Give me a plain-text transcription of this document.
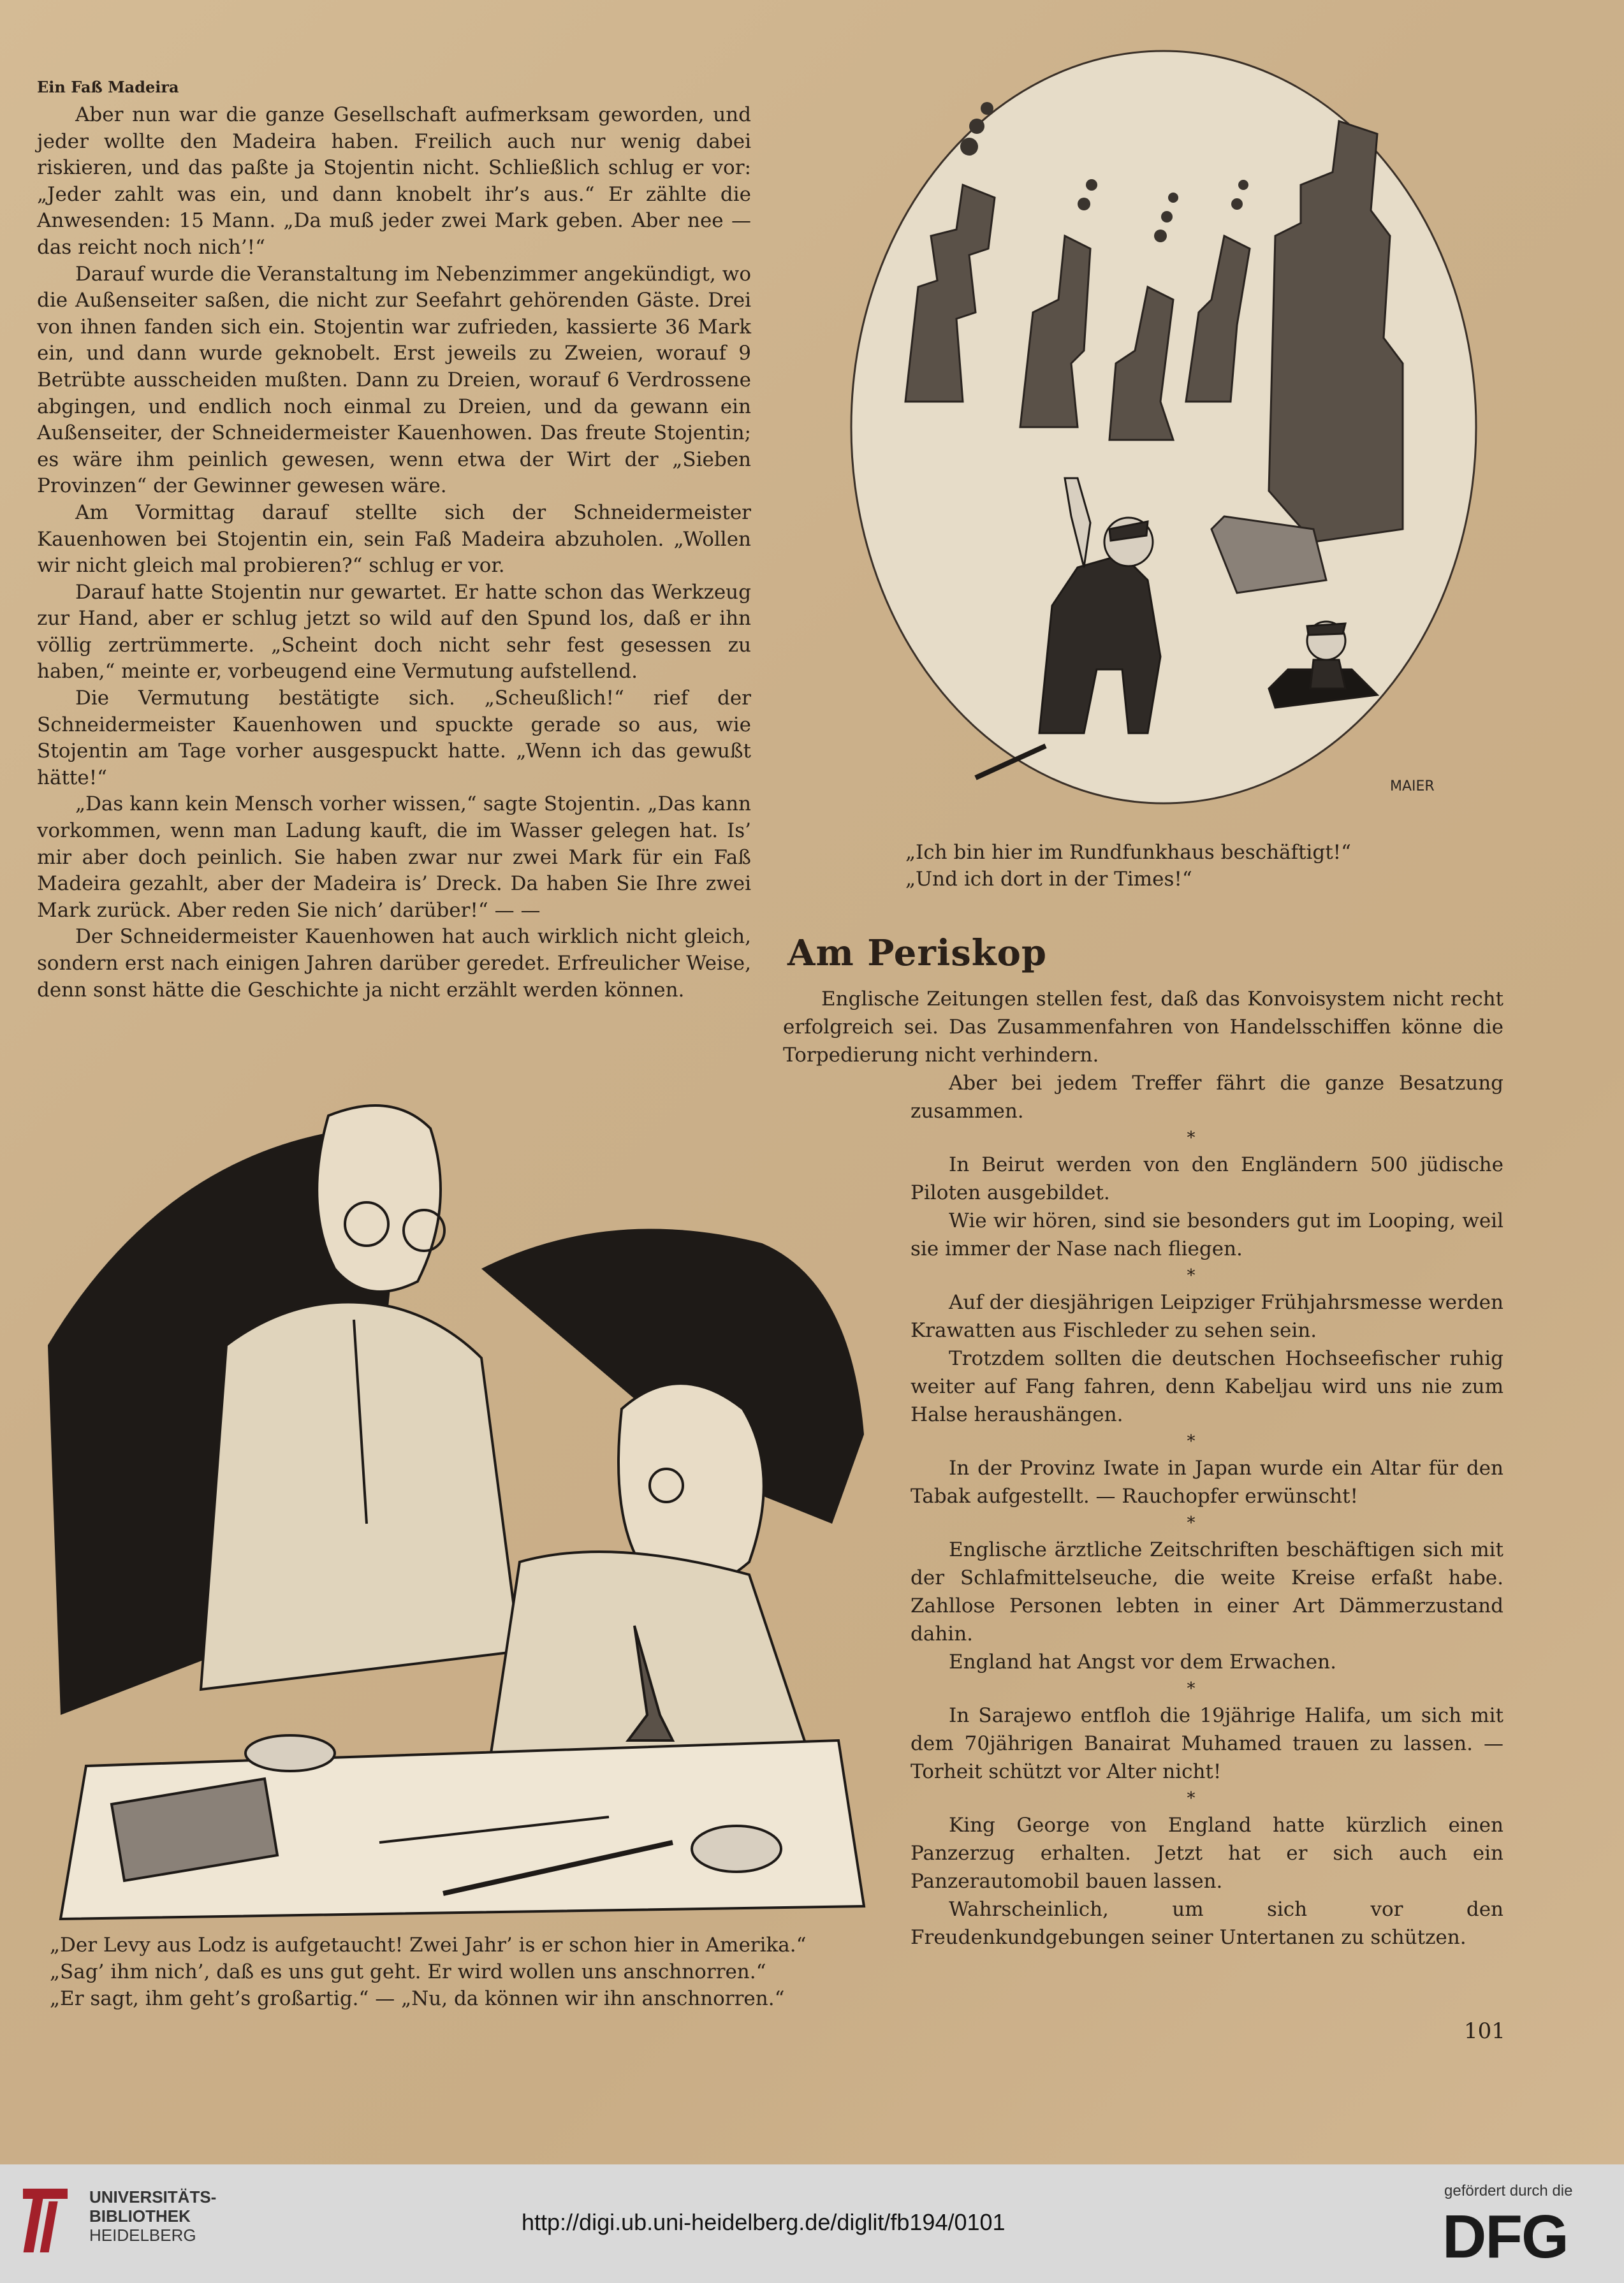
Ein Faß Madeira

Aber nun war die ganze Gesellschaft aufmerksam geworden, und jeder wollte den Madeira haben. Freilich auch nur wenig dabei riskieren, und das paßte ja Stojentin nicht. Schließlich schlug er vor: „Jeder zahlt was ein, und dann knobelt ihr’s aus.“ Er zählte die Anwesenden: 15 Mann. „Da muß jeder zwei Mark geben. Aber nee — das reicht noch nich’!“

Darauf wurde die Veranstaltung im Nebenzimmer angekündigt, wo die Außenseiter saßen, die nicht zur Seefahrt gehörenden Gäste. Drei von ihnen fanden sich ein. Stojentin war zufrieden, kassierte 36 Mark ein, und dann wurde geknobelt. Erst jeweils zu Zweien, worauf 9 Betrübte ausscheiden mußten. Dann zu Dreien, worauf 6 Verdrossene abgingen, und endlich noch einmal zu Dreien, und da gewann ein Außenseiter, der Schneidermeister Kauenhowen. Das freute Stojentin; es wäre ihm peinlich gewesen, wenn etwa der Wirt der „Sieben Provinzen“ der Gewinner gewesen wäre.

Am Vormittag darauf stellte sich der Schneidermeister Kauenhowen bei Stojentin ein, sein Faß Madeira abzuholen. „Wollen wir nicht gleich mal probieren?“ schlug er vor.

Darauf hatte Stojentin nur gewartet. Er hatte schon das Werkzeug zur Hand, aber er schlug jetzt so wild auf den Spund los, daß er ihn völlig zertrümmerte. „Scheint doch nicht sehr fest gesessen zu haben,“ meinte er, vorbeugend eine Vermutung aufstellend.

Die Vermutung bestätigte sich. „Scheußlich!“ rief der Schneidermeister Kauenhowen und spuckte gerade so aus, wie Stojentin am Tage vorher ausgespuckt hatte. „Wenn ich das gewußt hätte!“

„Das kann kein Mensch vorher wissen,“ sagte Stojentin. „Das kann vorkommen, wenn man Ladung kauft, die im Wasser gelegen hat. Is’ mir aber doch peinlich. Sie haben zwar nur zwei Mark für ein Faß Madeira gezahlt, aber der Madeira is’ Dreck. Da haben Sie Ihre zwei Mark zurück. Aber reden Sie nich’ darüber!“ — —

Der Schneidermeister Kauenhowen hat auch wirklich nicht gleich, sondern erst nach einigen Jahren darüber geredet. Erfreulicher Weise, denn sonst hätte die Geschichte ja nicht erzählt werden können.

MAIER
„Ich bin hier im Rundfunkhaus beschäftigt!“
„Und ich dort in der Times!“
Am Periskop

Englische Zeitungen stellen fest, daß das Konvoisystem nicht recht erfolgreich sei. Das Zusammenfahren von Handelsschiffen könne die Torpedierung nicht verhindern.

Aber bei jedem Treffer fährt die ganze Besatzung zusammen.

*

In Beirut werden von den Engländern 500 jüdische Piloten ausgebildet.

Wie wir hören, sind sie besonders gut im Looping, weil sie immer der Nase nach fliegen.

*

Auf der diesjährigen Leipziger Frühjahrsmesse werden Krawatten aus Fischleder zu sehen sein.

Trotzdem sollten die deutschen Hochseefischer ruhig weiter auf Fang fahren, denn Kabeljau wird uns nie zum Halse heraushängen.

*

In der Provinz Iwate in Japan wurde ein Altar für den Tabak aufgestellt. — Rauchopfer erwünscht!

*

Englische ärztliche Zeitschriften beschäftigen sich mit der Schlafmittelseuche, die weite Kreise erfaßt habe. Zahllose Personen lebten in einer Art Dämmerzustand dahin.

England hat Angst vor dem Erwachen.

*

In Sarajewo entfloh die 19jährige Halifa, um sich mit dem 70jährigen Banairat Muhamed trauen zu lassen. — Torheit schützt vor Alter nicht!

*

King George von England hatte kürzlich einen Panzerzug erhalten. Jetzt hat er sich auch ein Panzerautomobil bauen lassen.

Wahrscheinlich, um sich vor den Freudenkundgebungen seiner Untertanen zu schützen.

„Der Levy aus Lodz is aufgetaucht! Zwei Jahr’ is er schon hier in Amerika.“
„Sag’ ihm nich’, daß es uns gut geht. Er wird wollen uns anschnorren.“
„Er sagt, ihm geht’s großartig.“ — „Nu, da können wir ihn anschnorren.“
101
UNIVERSITÄTS-
BIBLIOTHEK
HEIDELBERG	http://digi.ub.uni-heidelberg.de/diglit/fb194/0101
gefördert durch die
DFG
